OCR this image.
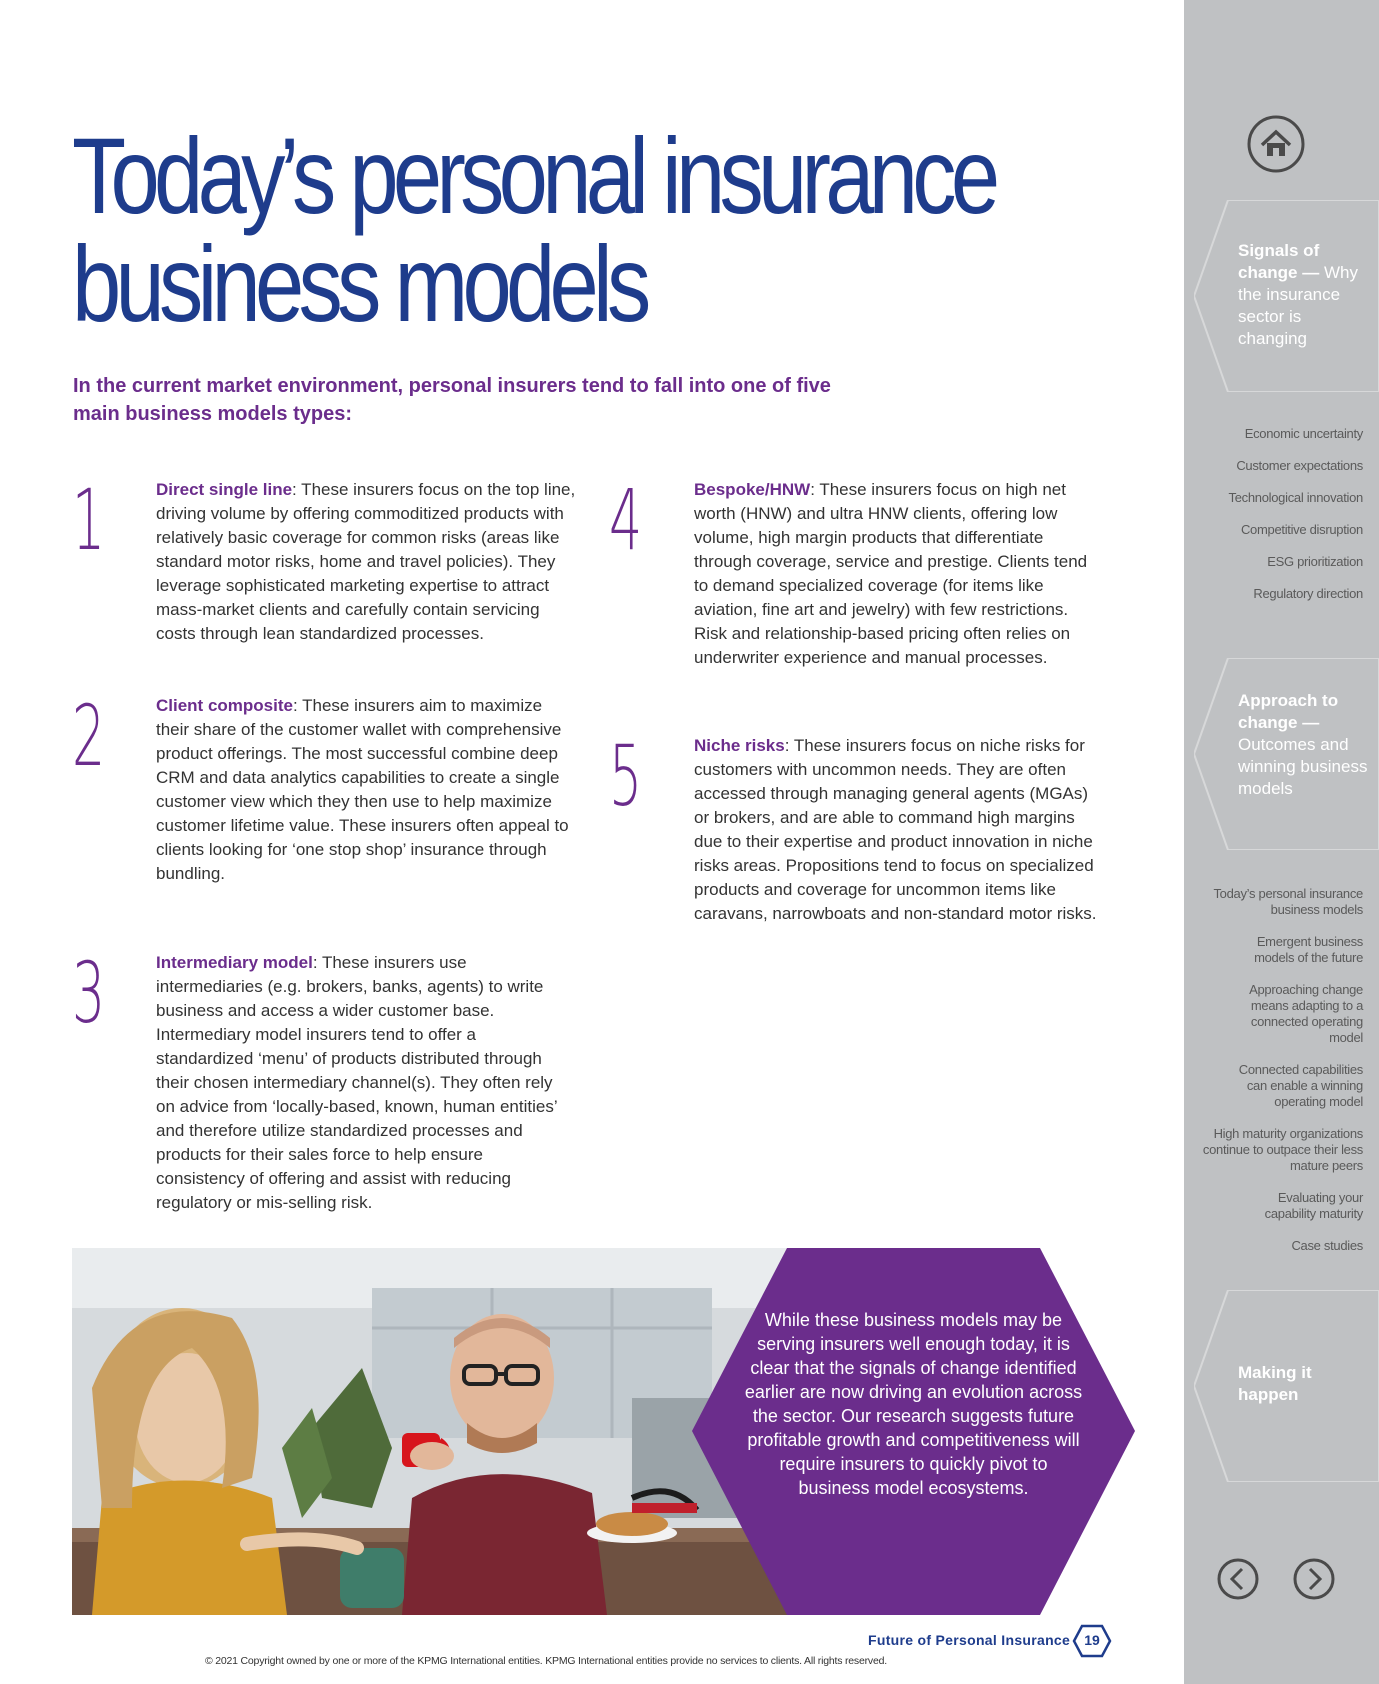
Today’s personal insurance
business models

In the current market environment, personal insurers tend to fall into one of five main business models types:

1	Direct single line: These insurers focus on the top line, driving volume by offering commoditized products with relatively basic coverage for common risks (areas like standard motor risks, home and travel policies). They leverage sophisticated marketing expertise to attract mass-market clients and carefully contain servicing costs through lean standardized processes.

2	Client composite: These insurers aim to maximize their share of the customer wallet with comprehensive product offerings. The most successful combine deep CRM and data analytics capabilities to create a single customer view which they then use to help maximize customer lifetime value. These insurers often appeal to clients looking for ‘one stop shop’ insurance through bundling.

3	Intermediary model: These insurers use intermediaries (e.g. brokers, banks, agents) to write business and access a wider customer base. Intermediary model insurers tend to offer a standardized ‘menu’ of products distributed through their chosen intermediary channel(s). They often rely on advice from ‘locally-based, known, human entities’ and therefore utilize standardized processes and products for their sales force to help ensure consistency of offering and assist with reducing regulatory or mis-selling risk.

4	Bespoke/HNW: These insurers focus on high net worth (HNW) and ultra HNW clients, offering low volume, high margin products that differentiate through coverage, service and prestige. Clients tend to demand specialized coverage (for items like aviation, fine art and jewelry) with few restrictions. Risk and relationship-based pricing often relies on underwriter experience and manual processes.

5	Niche risks: These insurers focus on niche risks for customers with uncommon needs. They are often accessed through managing general agents (MGAs) or brokers, and are able to command high margins due to their expertise and product innovation in niche risks areas. Propositions tend to focus on specialized products and coverage for uncommon items like caravans, narrowboats and non-standard motor risks.

While these business models may be serving insurers well enough today, it is clear that the signals of change identified earlier are now driving an evolution across the sector. Our research suggests future profitable growth and competitiveness will require insurers to quickly pivot to business model ecosystems.

Future of Personal Insurance	19
© 2021 Copyright owned by one or more of the KPMG International entities. KPMG International entities provide no services to clients. All rights reserved.

Signals of change — Why the insurance sector is changing

Economic uncertainty
Customer expectations
Technological innovation
Competitive disruption
ESG prioritization
Regulatory direction

Approach to change — Outcomes and winning business models

Today’s personal insurance business models
Emergent business models of the future
Approaching change means adapting to a connected operating model
Connected capabilities can enable a winning operating model
High maturity organizations continue to outpace their less mature peers
Evaluating your capability maturity
Case studies

Making it happen
